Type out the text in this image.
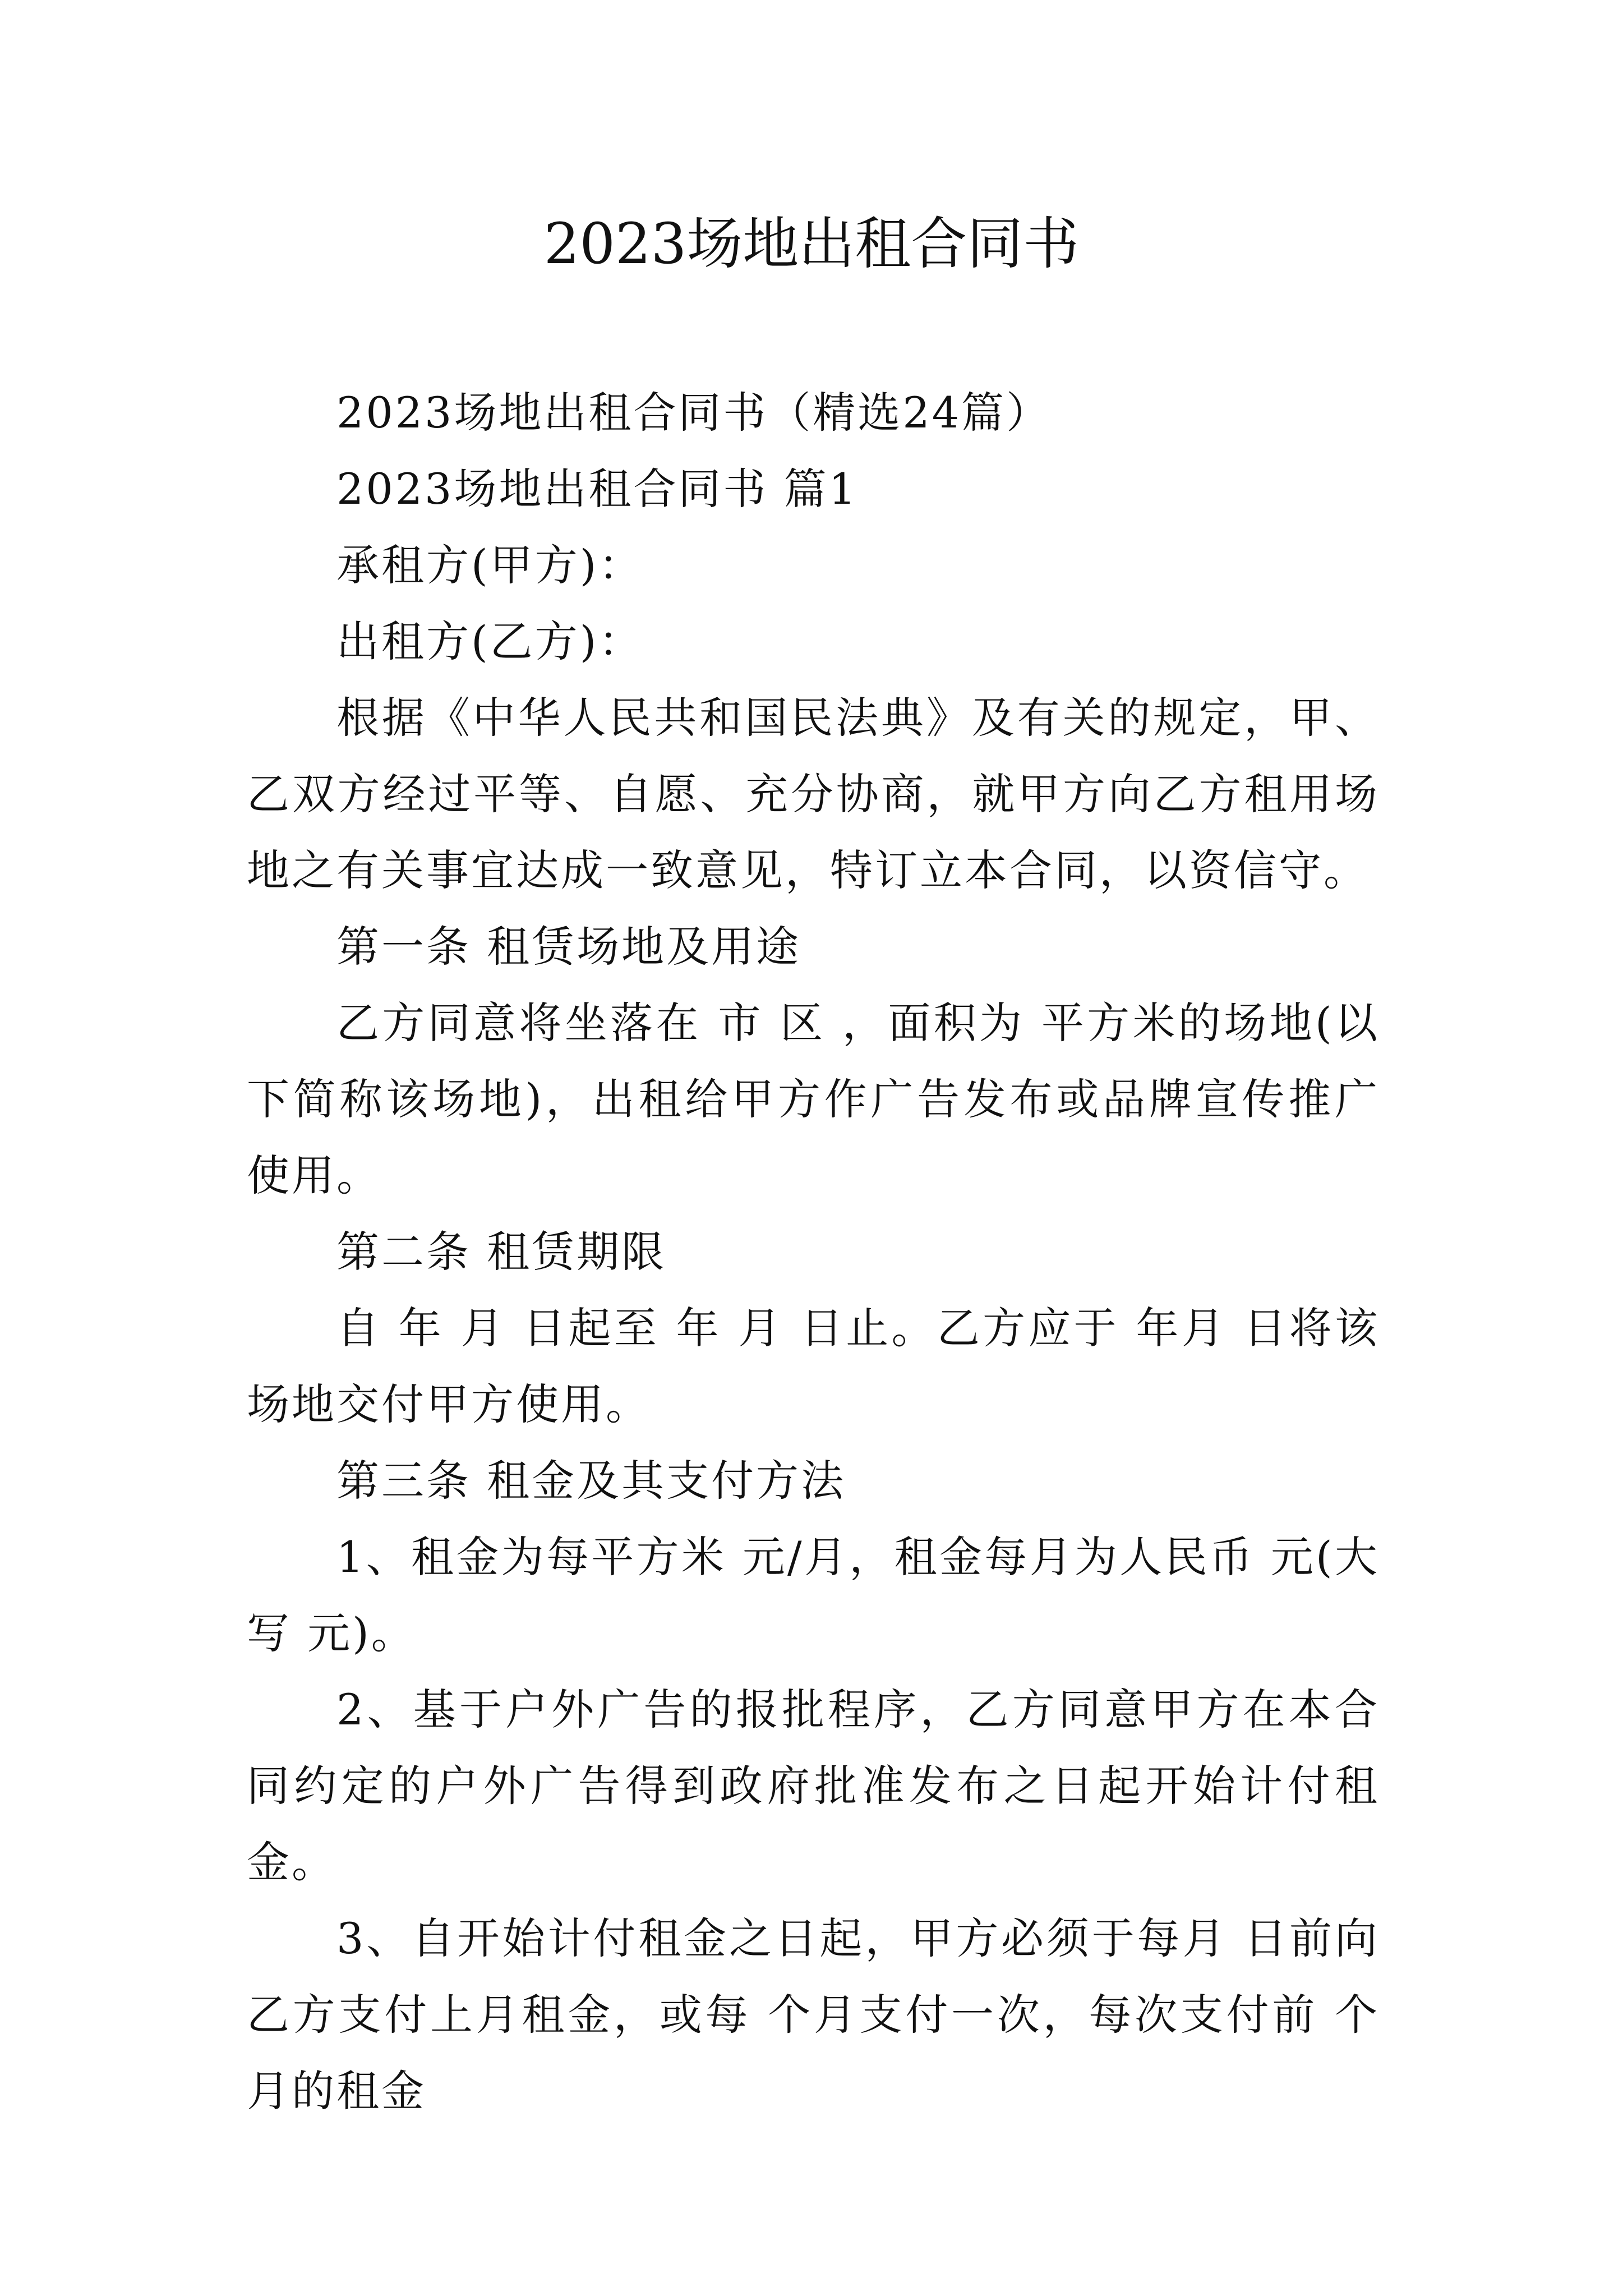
2023场地出租合同书

2023场地出租合同书（精选24篇）

2023场地出租合同书 篇1

承租方(甲方)：

出租方(乙方)：

根据《中华人民共和国民法典》及有关的规定，甲、乙双方经过平等、自愿、充分协商，就甲方向乙方租用场地之有关事宜达成一致意见，特订立本合同，以资信守。

第一条 租赁场地及用途

乙方同意将坐落在 市 区 ，面积为 平方米的场地(以下简称该场地)，出租给甲方作广告发布或品牌宣传推广使用。

第二条 租赁期限

自 年 月 日起至 年 月 日止。乙方应于 年月 日将该场地交付甲方使用。

第三条 租金及其支付方法

1、租金为每平方米 元/月，租金每月为人民币 元(大写 元)。

2、基于户外广告的报批程序，乙方同意甲方在本合同约定的户外广告得到政府批准发布之日起开始计付租金。

3、自开始计付租金之日起，甲方必须于每月 日前向乙方支付上月租金，或每 个月支付一次，每次支付前 个月的租金
